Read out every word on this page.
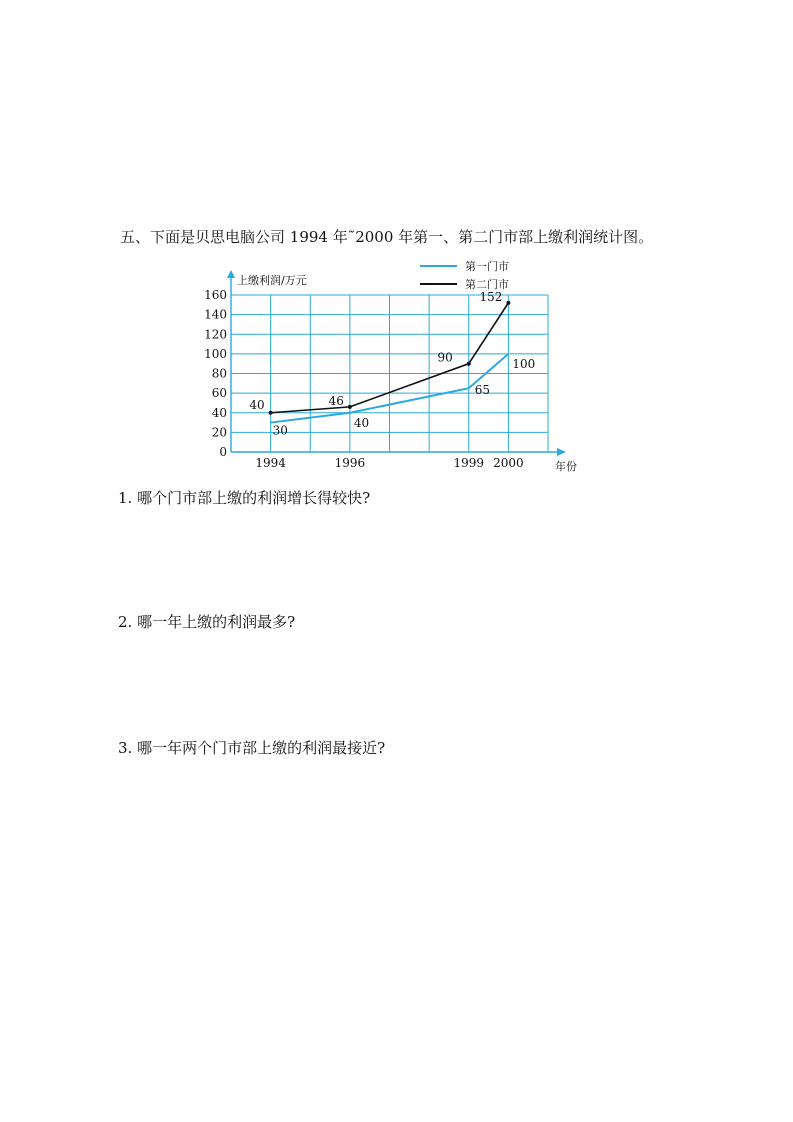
五、下面是贝思电脑公司 1994 年˜2000 年第一、第二门市部上缴利润统计图。
0
20
40
60
80
100
120
140
160
1994	1996	1999 2000
30
40
65
100
40	46
90
152
第一门市
第二门市
上缴利润/万元
年份
1. 哪个门市部上缴的利润增长得较快?
2. 哪一年上缴的利润最多?
3. 哪一年两个门市部上缴的利润最接近?
